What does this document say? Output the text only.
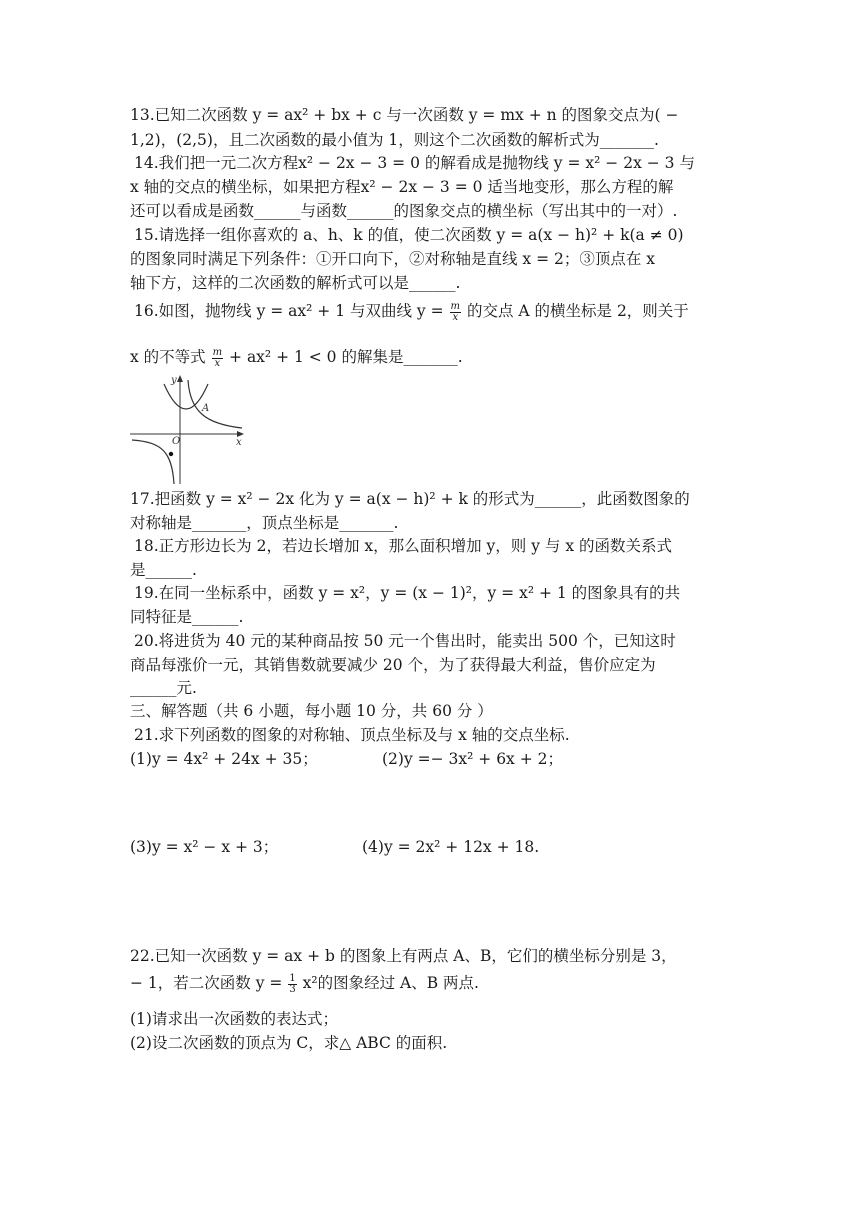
13.已知二次函数 y = ax² + bx + c 与一次函数 y = mx + n 的图象交点为( −
1,2)，(2,5)，且二次函数的最小值为 1，则这个二次函数的解析式为_______.
14.我们把一元二次方程x² − 2x − 3 = 0 的解看成是抛物线 y = x² − 2x − 3 与
x 轴的交点的横坐标，如果把方程x² − 2x − 3 = 0 适当地变形，那么方程的解
还可以看成是函数______与函数______的图象交点的横坐标（写出其中的一对）.
15.请选择一组你喜欢的 a、h、k 的值，使二次函数 y = a(x − h)² + k(a ≠ 0)
的图象同时满足下列条件：①开口向下，②对称轴是直线 x = 2；③顶点在 x
轴下方，这样的二次函数的解析式可以是______.
16.如图，抛物线 y = ax² + 1 与双曲线 $y = \frac{m}{x}$ 的交点 A 的横坐标是 2，则关于
x 的不等式 $\frac{m}{x} + ax^2 + 1 < 0$ 的解集是_______.
y
x
O
A
17.把函数 y = x² − 2x 化为 y = a(x − h)² + k 的形式为______，此函数图象的
对称轴是_______，顶点坐标是_______.
18.正方形边长为 2，若边长增加 x，那么面积增加 y，则 y 与 x 的函数关系式
是______.
19.在同一坐标系中，函数 y = x²，y = (x − 1)²，y = x² + 1 的图象具有的共
同特征是______.
20.将进货为 40 元的某种商品按 50 元一个售出时，能卖出 500 个，已知这时
商品每涨价一元，其销售数就要减少 20 个，为了获得最大利益，售价应定为
______元.
三、解答题（共 6 小题，每小题 10 分，共 60 分 ）
21.求下列函数的图象的对称轴、顶点坐标及与 x 轴的交点坐标.
(1)y = 4x² + 24x + 35；	(2)y =− 3x² + 6x + 2；
(3)y = x² − x + 3；	(4)y = 2x² + 12x + 18.
22.已知一次函数 y = ax + b 的图象上有两点 A、B，它们的横坐标分别是 3，
− 1，若二次函数 $y = \frac{1}{3} x^2$的图象经过 A、B 两点.
(1)请求出一次函数的表达式；
(2)设二次函数的顶点为 C，求△ ABC 的面积.
